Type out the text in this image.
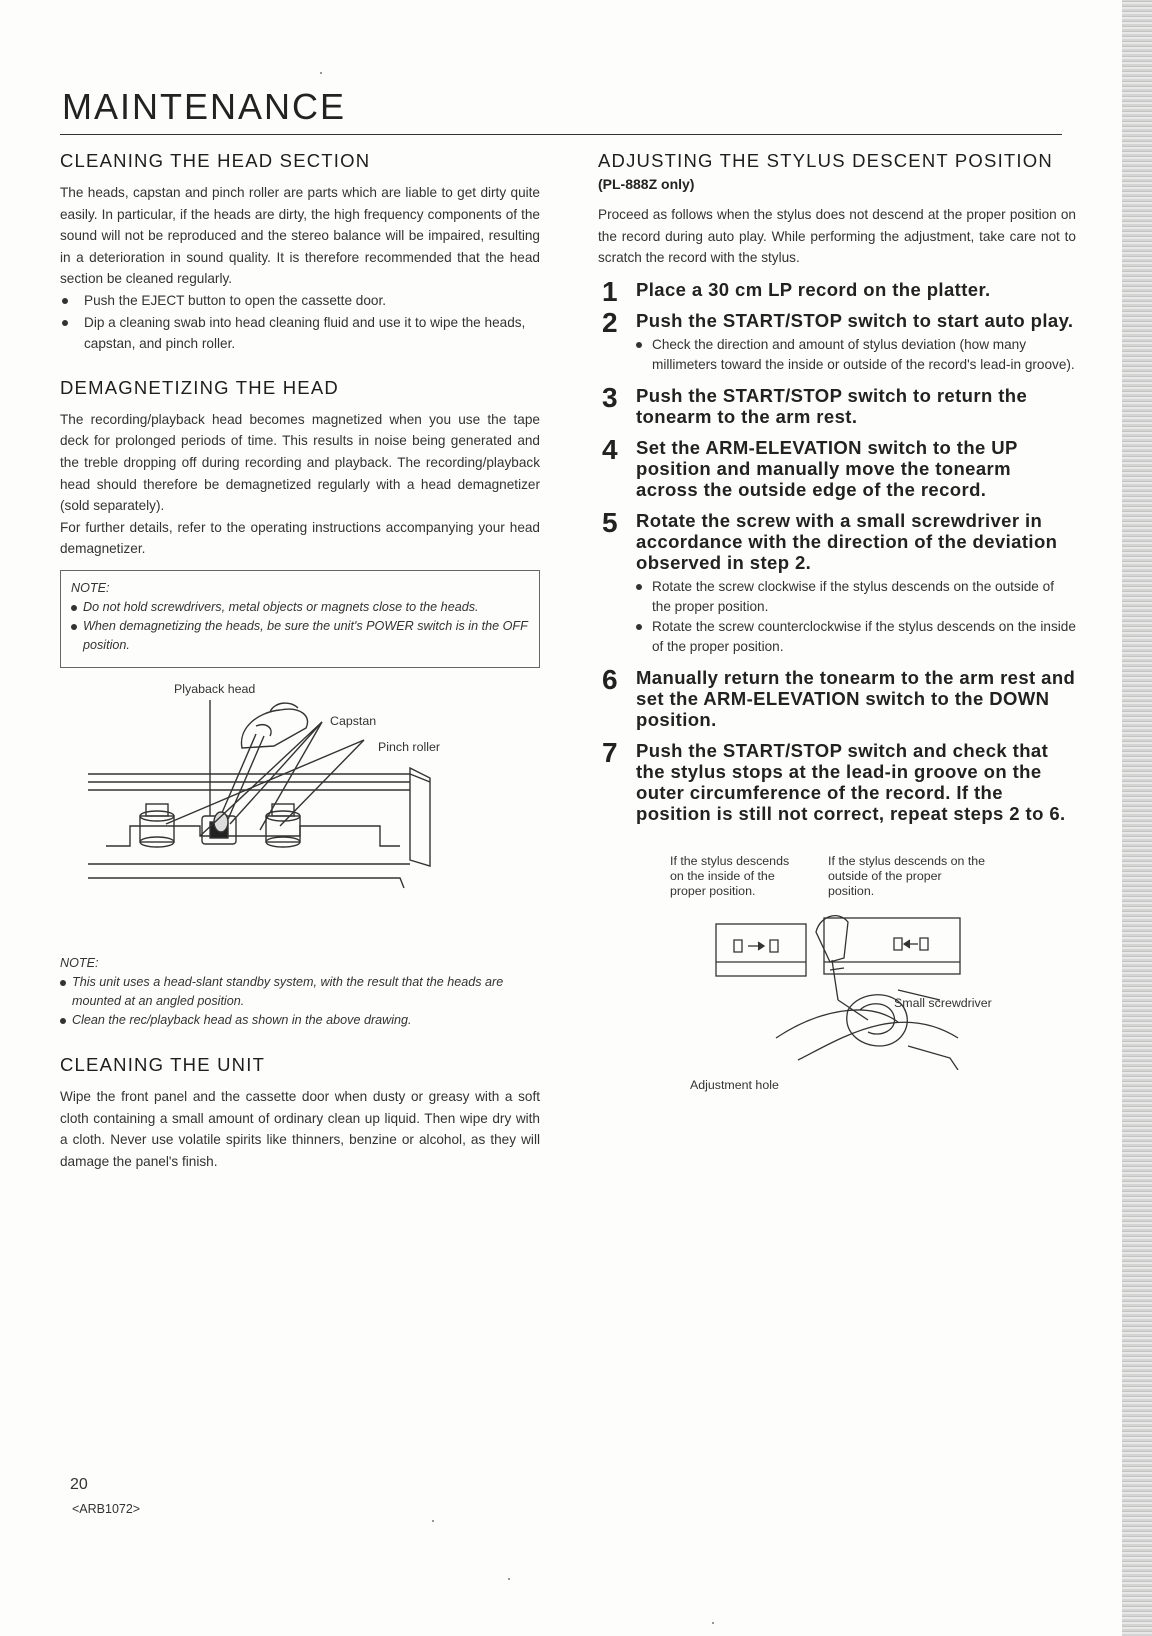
MAINTENANCE
CLEANING THE HEAD SECTION

The heads, capstan and pinch roller are parts which are liable to get dirty quite easily. In particular, if the heads are dirty, the high frequency components of the sound will not be reproduced and the stereo balance will be impaired, resulting in a deterioration in sound quality. It is therefore recommended that the head section be cleaned regularly.

Push the EJECT button to open the cassette door.
Dip a cleaning swab into head cleaning fluid and use it to wipe the heads, capstan, and pinch roller.
DEMAGNETIZING THE HEAD

The recording/playback head becomes magnetized when you use the tape deck for prolonged periods of time. This results in noise being generated and the treble dropping off during recording and playback. The recording/playback head should therefore be demagnetized regularly with a head demagnetizer (sold separately).

For further details, refer to the operating instructions accompanying your head demagnetizer.

NOTE:
Do not hold screwdrivers, metal objects or magnets close to the heads.
When demagnetizing the heads, be sure the unit's POWER switch is in the OFF position.
Plyaback head
Capstan
Pinch roller
NOTE:
This unit uses a head-slant standby system, with the result that the heads are mounted at an angled position.
Clean the rec/playback head as shown in the above drawing.
CLEANING THE UNIT

Wipe the front panel and the cassette door when dusty or greasy with a soft cloth containing a small amount of ordinary clean up liquid. Then wipe dry with a cloth. Never use volatile spirits like thinners, benzine or alcohol, as they will damage the panel's finish.

ADJUSTING THE STYLUS DESCENT POSITION
(PL-888Z only)

Proceed as follows when the stylus does not descend at the proper position on the record during auto play. While performing the adjustment, take care not to scratch the record with the stylus.

1 Place a 30 cm LP record on the platter.
2 Push the START/STOP switch to start auto play.
Check the direction and amount of stylus deviation (how many millimeters toward the inside or outside of the record's lead-in groove).
3 Push the START/STOP switch to return the tonearm to the arm rest.
4 Set the ARM-ELEVATION switch to the UP position and manually move the tonearm across the outside edge of the record.
5 Rotate the screw with a small screwdriver in accordance with the direction of the deviation observed in step 2.
Rotate the screw clockwise if the stylus descends on the outside of the proper position.
Rotate the screw counterclockwise if the stylus descends on the inside of the proper position.
6 Manually return the tonearm to the arm rest and set the ARM-ELEVATION switch to the DOWN position.
7 Push the START/STOP switch and check that the stylus stops at the lead-in groove on the outer circumference of the record. If the position is still not correct, repeat steps 2 to 6.
If the stylus descends on the inside of the proper position.
If the stylus descends on the outside of the proper position.
Small screwdriver
Adjustment hole
20
<ARB1072>
